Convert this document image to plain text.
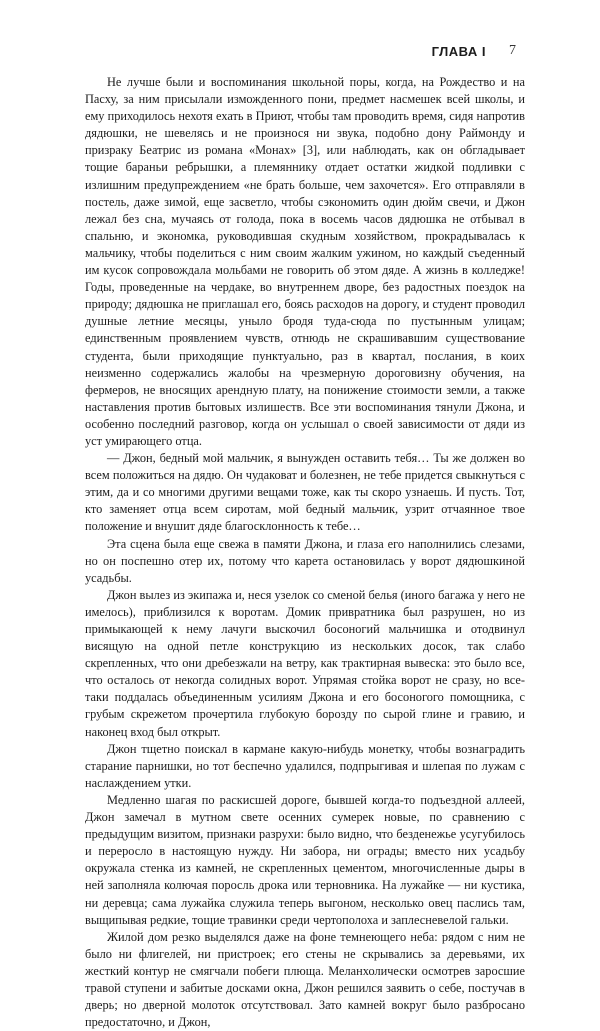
ГЛАВА I 7

Не лучше были и воспоминания школьной поры, когда, на Рождество и на Пасху, за ним присылали изможденного пони, предмет насмешек всей школы, и ему приходилось нехотя ехать в Приют, чтобы там проводить время, сидя напротив дядюшки, не шевелясь и не произнося ни звука, подобно дону Раймонду и призраку Беатрис из романа «Монах» [3], или наблюдать, как он обгладывает тощие бараньи ребрышки, а племяннику отдает остатки жидкой подливки с излишним предупреждением «не брать больше, чем захочется». Его отправляли в постель, даже зимой, еще засветло, чтобы сэкономить один дюйм свечи, и Джон лежал без сна, мучаясь от голода, пока в восемь часов дядюшка не отбывал в спальню, и экономка, руководившая скудным хозяйством, прокрадывалась к мальчику, чтобы поделиться с ним своим жалким ужином, но каждый съеденный им кусок сопровождала мольбами не говорить об этом дяде. А жизнь в колледже! Годы, проведенные на чердаке, во внутреннем дворе, без радостных поездок на природу; дядюшка не приглашал его, боясь расходов на дорогу, и студент проводил душные летние месяцы, уныло бродя туда-сюда по пустынным улицам; единственным проявлением чувств, отнюдь не скрашивавшим существование студента, были приходящие пунктуально, раз в квартал, послания, в коих неизменно содержались жалобы на чрезмерную дороговизну обучения, на фермеров, не вносящих арендную плату, на понижение стоимости земли, а также наставления против бытовых излишеств. Все эти воспоминания тянули Джона, и особенно последний разговор, когда он услышал о своей зависимости от дяди из уст умирающего отца.

— Джон, бедный мой мальчик, я вынужден оставить тебя… Ты же должен во всем положиться на дядю. Он чудаковат и болезнен, не тебе придется свыкнуться с этим, да и со многими другими вещами тоже, как ты скоро узнаешь. И пусть. Тот, кто заменяет отца всем сиротам, мой бедный мальчик, узрит отчаянное твое положение и внушит дяде благосклонность к тебе…

Эта сцена была еще свежа в памяти Джона, и глаза его наполнились слезами, но он поспешно отер их, потому что карета остановилась у ворот дядюшкиной усадьбы.

Джон вылез из экипажа и, неся узелок со сменой белья (иного багажа у него не имелось), приблизился к воротам. Домик привратника был разрушен, но из примыкающей к нему лачуги выскочил босоногий мальчишка и отодвинул висящую на одной петле конструкцию из нескольких досок, так слабо скрепленных, что они дребезжали на ветру, как трактирная вывеска: это было все, что осталось от некогда солидных ворот. Упрямая стойка ворот не сразу, но все-таки поддалась объединенным усилиям Джона и его босоногого помощника, с грубым скрежетом прочертила глубокую борозду по сырой глине и гравию, и наконец вход был открыт.

Джон тщетно поискал в кармане какую-нибудь монетку, чтобы вознаградить старание парнишки, но тот беспечно удалился, подпрыгивая и шлепая по лужам с наслаждением утки.

Медленно шагая по раскисшей дороге, бывшей когда-то подъездной аллеей, Джон замечал в мутном свете осенних сумерек новые, по сравнению с предыдущим визитом, признаки разрухи: было видно, что безденежье усугубилось и переросло в настоящую нужду. Ни забора, ни ограды; вместо них усадьбу окружала стенка из камней, не скрепленных цементом, многочисленные дыры в ней заполняла колючая поросль дрока или терновника. На лужайке — ни кустика, ни деревца; сама лужайка служила теперь выгоном, несколько овец паслись там, выщипывая редкие, тощие травинки среди чертополоха и заплесневелой гальки.

Жилой дом резко выделялся даже на фоне темнеющего неба: рядом с ним не было ни флигелей, ни пристроек; его стены не скрывались за деревьями, их жесткий контур не смягчали побеги плюща. Меланхолически осмотрев заросшие травой ступени и забитые досками окна, Джон решился заявить о себе, постучав в дверь; но дверной молоток отсутствовал. Зато камней вокруг было разбросано предостаточно, и Джон,
